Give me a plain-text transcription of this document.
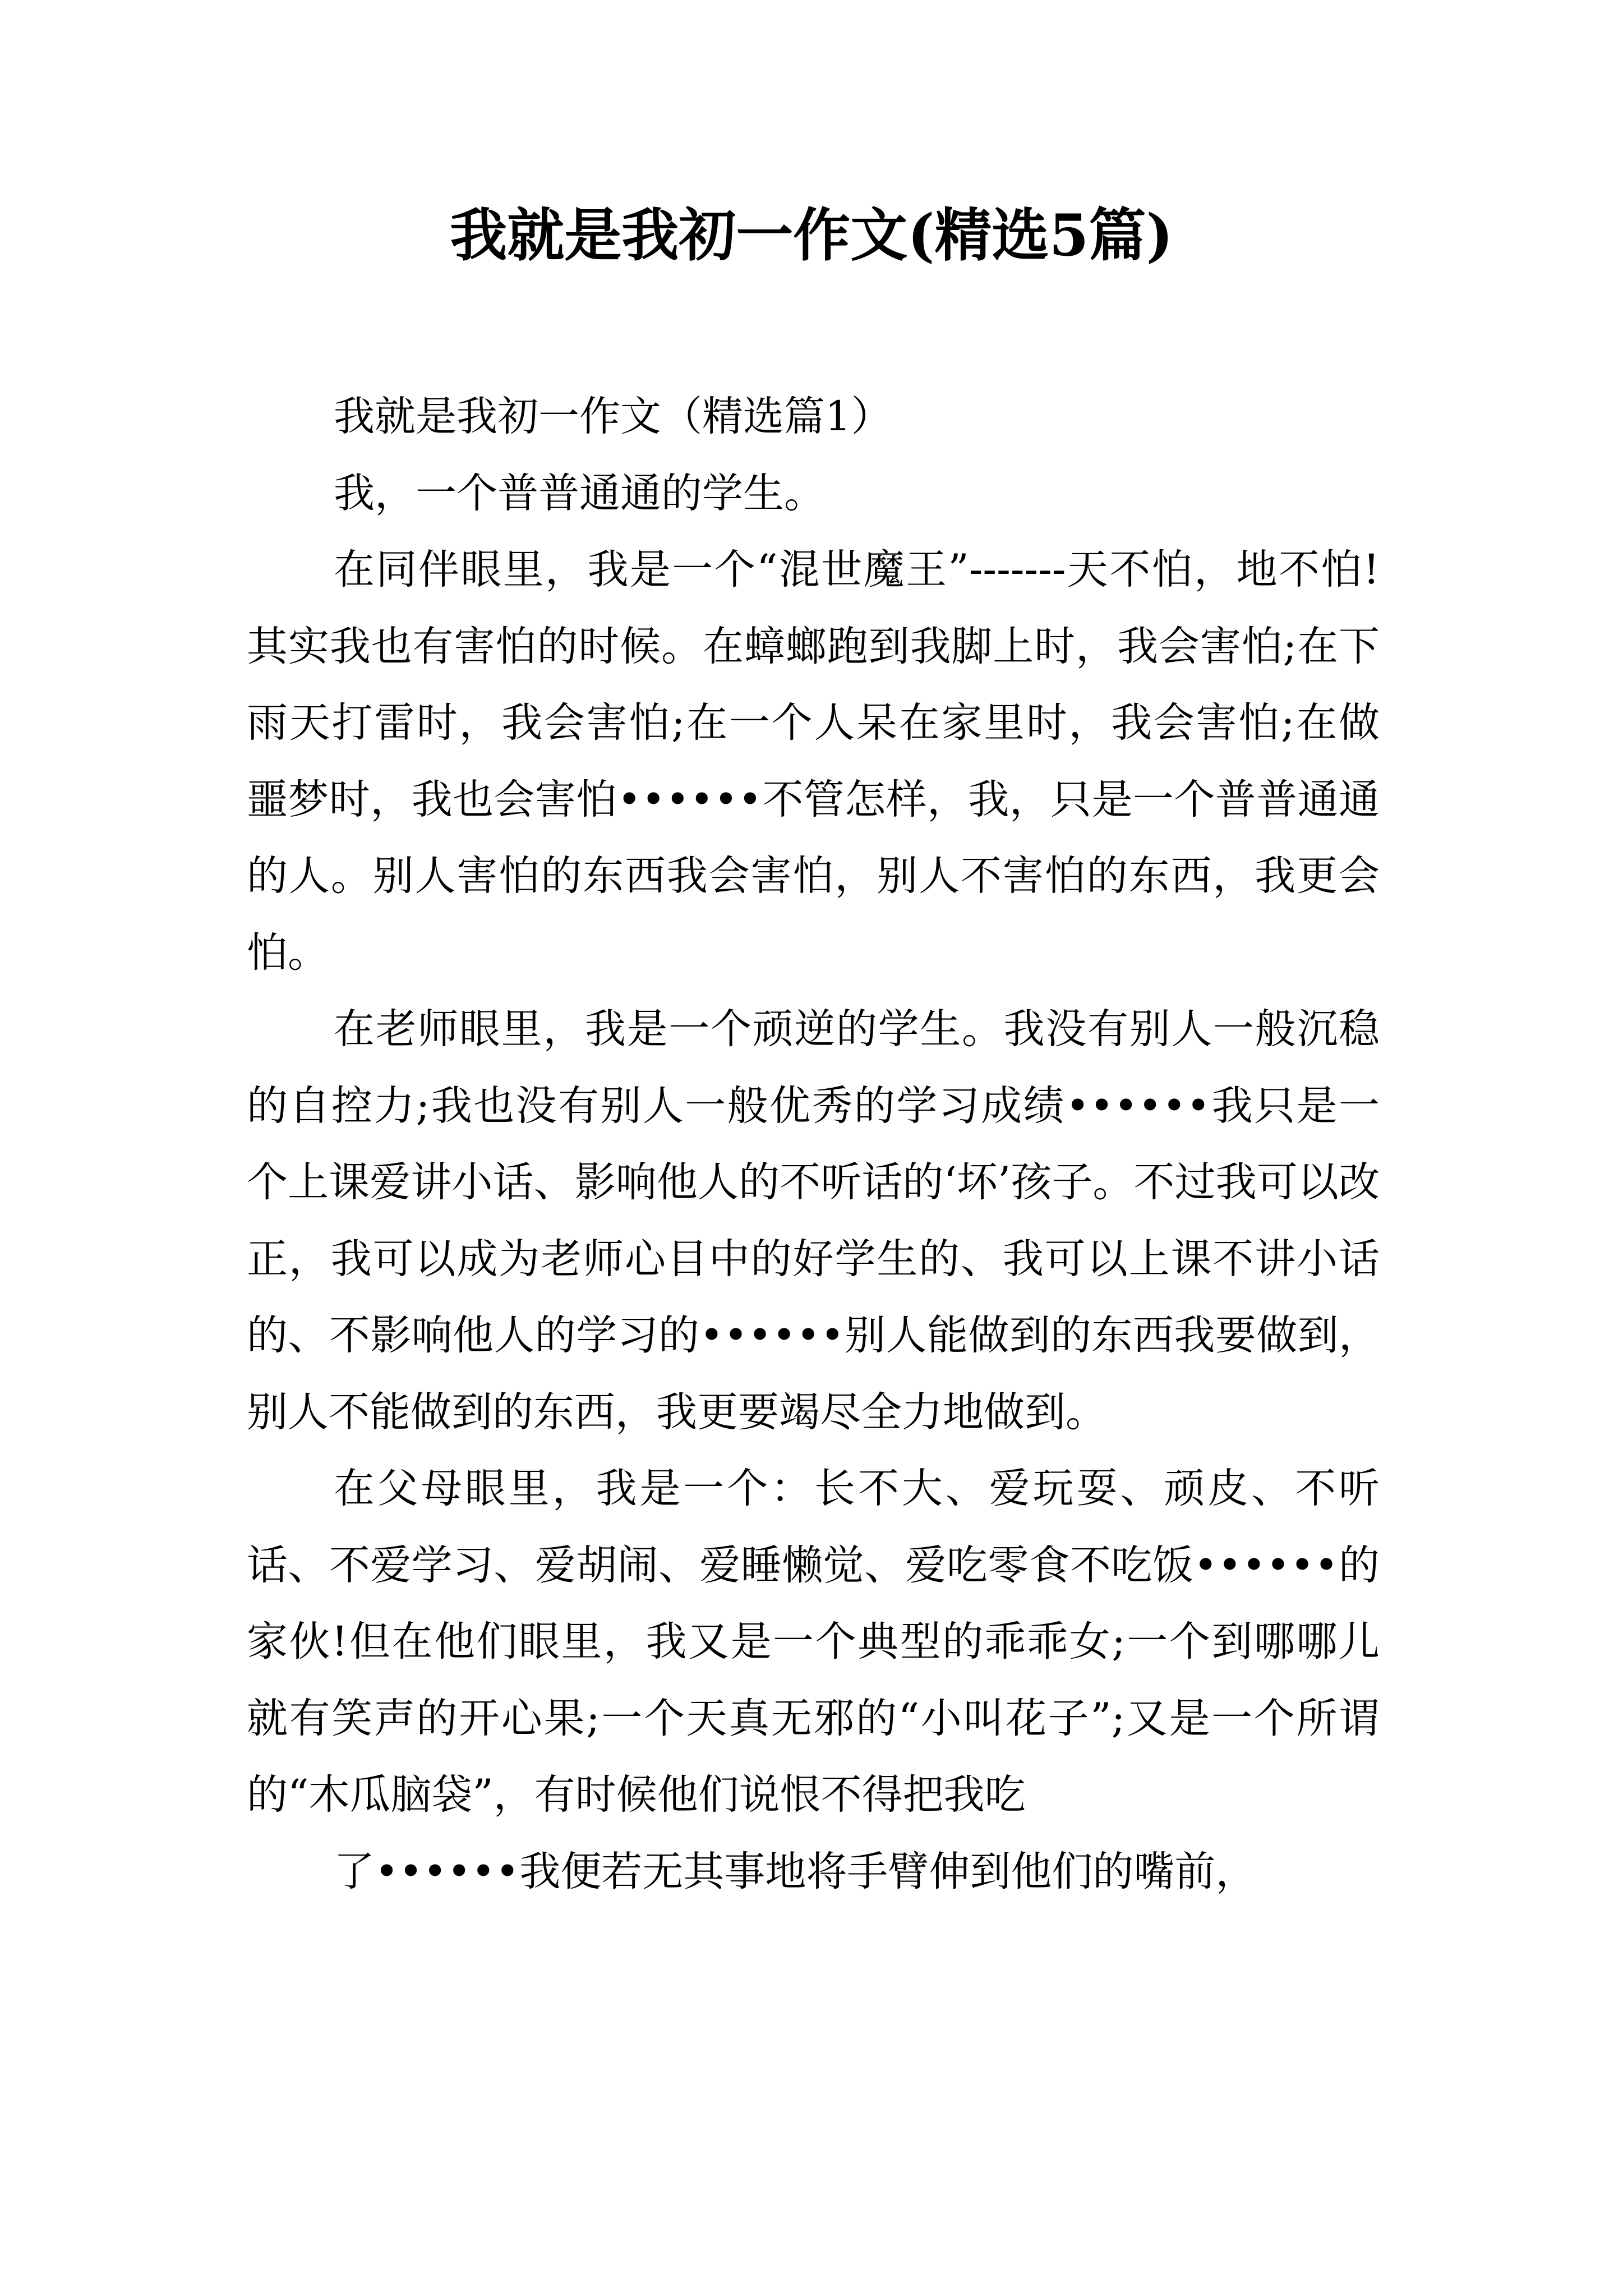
我就是我初一作文(精选5篇)

我就是我初一作文（精选篇1）

我，一个普普通通的学生。

在同伴眼里，我是一个“混世魔王”-------天不怕，地不怕!其实我也有害怕的时候。在蟑螂跑到我脚上时，我会害怕;在下雨天打雷时，我会害怕;在一个人呆在家里时，我会害怕;在做噩梦时，我也会害怕••••••不管怎样，我，只是一个普普通通的人。别人害怕的东西我会害怕，别人不害怕的东西，我更会怕。

在老师眼里，我是一个顽逆的学生。我没有别人一般沉稳的自控力;我也没有别人一般优秀的学习成绩••••••我只是一个上课爱讲小话、影响他人的不听话的‘坏’孩子。不过我可以改正，我可以成为老师心目中的好学生的、我可以上课不讲小话的、不影响他人的学习的••••••别人能做到的东西我要做到，别人不能做到的东西，我更要竭尽全力地做到。

在父母眼里，我是一个：长不大、爱玩耍、顽皮、不听话、不爱学习、爱胡闹、爱睡懒觉、爱吃零食不吃饭••••••的家伙!但在他们眼里，我又是一个典型的乖乖女;一个到哪哪儿就有笑声的开心果;一个天真无邪的“小叫花子”;又是一个所谓的“木瓜脑袋”，有时候他们说恨不得把我吃

了••••••我便若无其事地将手臂伸到他们的嘴前，
